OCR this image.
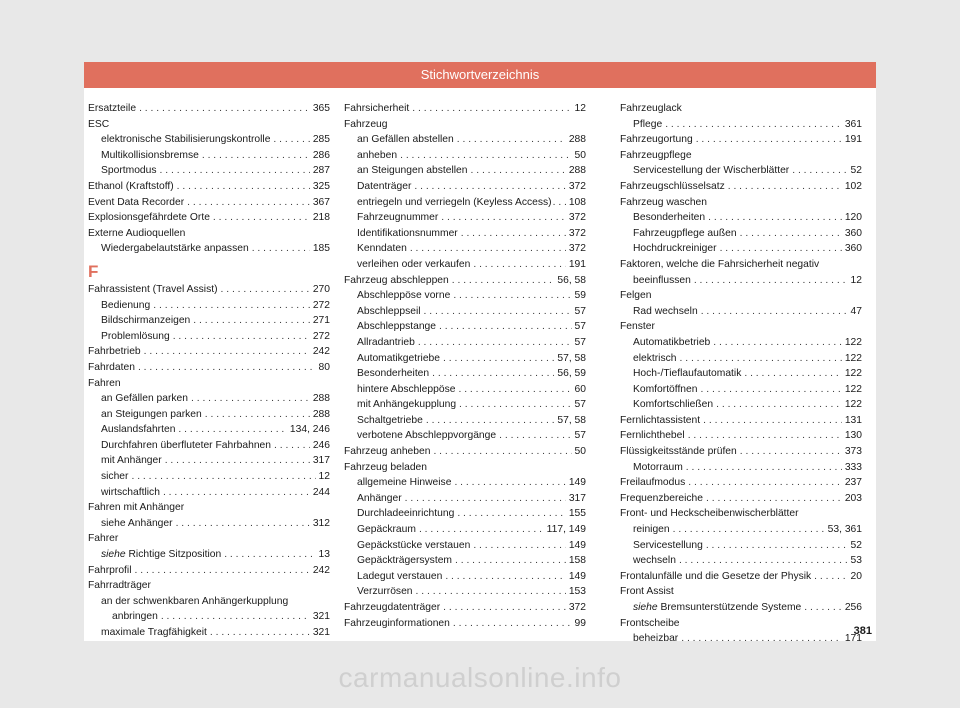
Stichwortverzeichnis
Ersatzteile . . .	365
ESC
elektronische Stabilisierungskontrolle . . .	285
Multikollisionsbremse . . .	286
Sportmodus . . .	287
Ethanol (Kraftstoff) . . .	325
Event Data Recorder . . .	367
Explosionsgefährdete Orte . . .	218
Externe Audioquellen
Wiedergabelautstärke anpassen . . .	185
F
Fahrassistent (Travel Assist) . . .	270
Bedienung . . .	272
Bildschirmanzeigen . . .	271
Problemlösung . . .	272
Fahrbetrieb . . .	242
Fahrdaten . . .	80
Fahren
an Gefällen parken . . .	288
an Steigungen parken . . .	288
Auslandsfahrten . . .	134, 246
Durchfahren überfluteter Fahrbahnen . . .	246
mit Anhänger . . .	317
sicher . . .	12
wirtschaftlich . . .	244
Fahren mit Anhänger
siehe Anhänger . . .	312
Fahrer
siehe Richtige Sitzposition . . .	13
Fahrprofil . . .	242
Fahrradträger
an der schwenkbaren Anhängerkupplung
anbringen . . .	321
maximale Tragfähigkeit . . .	321
Fahrsicherheit . . .	12
Fahrzeug
an Gefällen abstellen . . .	288
anheben . . .	50
an Steigungen abstellen . . .	288
Datenträger . . .	372
entriegeln und verriegeln (Keyless Access) . . . 108
Fahrzeugnummer . . .	372
Identifikationsnummer . . .	372
Kenndaten . . .	372
verleihen oder verkaufen . . .	191
Fahrzeug abschleppen . . .	56, 58
Abschleppöse vorne . . .	59
Abschleppseil . . .	57
Abschleppstange . . .	57
Allradantrieb . . .	57
Automatikgetriebe . . .	57, 58
Besonderheiten . . .	56, 59
hintere Abschleppöse . . .	60
mit Anhängekupplung . . .	57
Schaltgetriebe . . .	57, 58
verbotene Abschleppvorgänge . . .	57
Fahrzeug anheben . . .	50
Fahrzeug beladen
allgemeine Hinweise . . .	149
Anhänger . . .	317
Durchladeeinrichtung . . .	155
Gepäckraum . . .	117, 149
Gepäckstücke verstauen . . .	149
Gepäckträgersystem . . .	158
Ladegut verstauen . . .	149
Verzurrösen . . .	153
Fahrzeugdatenträger . . .	372
Fahrzeuginformationen . . .	99
Fahrzeuglack
Pflege . . .	361
Fahrzeugortung . . .	191
Fahrzeugpflege
Servicestellung der Wischerblätter . . .	52
Fahrzeugschlüsselsatz . . .	102
Fahrzeug waschen
Besonderheiten . . .	120
Fahrzeugpflege außen . . .	360
Hochdruckreiniger . . .	360
Faktoren, welche die Fahrsicherheit negativ
beeinflussen . . .	12
Felgen
Rad wechseln . . .	47
Fenster
Automatikbetrieb . . .	122
elektrisch . . .	122
Hoch-/Tieflaufautomatik . . .	122
Komfortöffnen . . .	122
Komfortschließen . . .	122
Fernlichtassistent . . .	131
Fernlichthebel . . .	130
Flüssigkeitsstände prüfen . . .	373
Motorraum . . .	333
Freilaufmodus . . .	237
Frequenzbereiche . . .	203
Front- und Heckscheibenwischerblätter
reinigen . . .	53, 361
Servicestellung . . .	52
wechseln . . .	53
Frontalunfälle und die Gesetze der Physik . . .	20
Front Assist
siehe Bremsunterstützende Systeme . . .	256
Frontscheibe
beheizbar . . .	171
381
carmanualsonline.info
